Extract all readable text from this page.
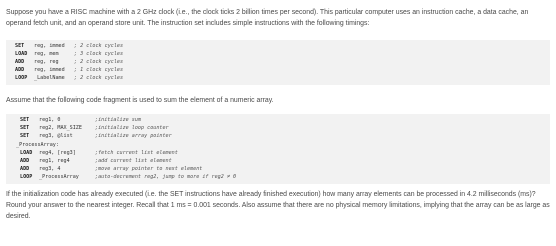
Suppose you have a RISC machine with a 2 GHz clock (i.e., the clock ticks 2 billion times per second). This particular computer uses an instruction cache, a data cache, an operand fetch unit, and an operand store unit. The instruction set includes simple instructions with the following timings:

SET reg, immed ; 2 clock cycles
LOAD reg, mem	; 3 clock cycles
ADD reg, reg	; 2 clock cycles
ADD reg, immed ; 1 clock cycles
LOOP _LabelName ; 2 clock cycles

Assume that the following code fragment is used to sum the element of a numeric array.

SET reg1, 0	;initialize sum
SET reg2, MAX_SIZE	;initialize loop counter
SET reg3, @list	;initialize array pointer
_ProcessArray:
LOAD reg4, [reg3]	;fetch current list element
ADD reg1, reg4	;add current list element
ADD reg3, 4	;move array pointer to next element
LOOP _ProcessArray	;auto-decrement reg2, jump to more if reg2 ≠ 0

If the initialization code has already executed (i.e. the SET instructions have already finished execution) how many array elements can be processed in 4.2 milliseconds (ms)? Round your answer to the nearest integer. Recall that 1 ms = 0.001 seconds. Also assume that there are no physical memory limitations, implying that the array can be as large as desired.
